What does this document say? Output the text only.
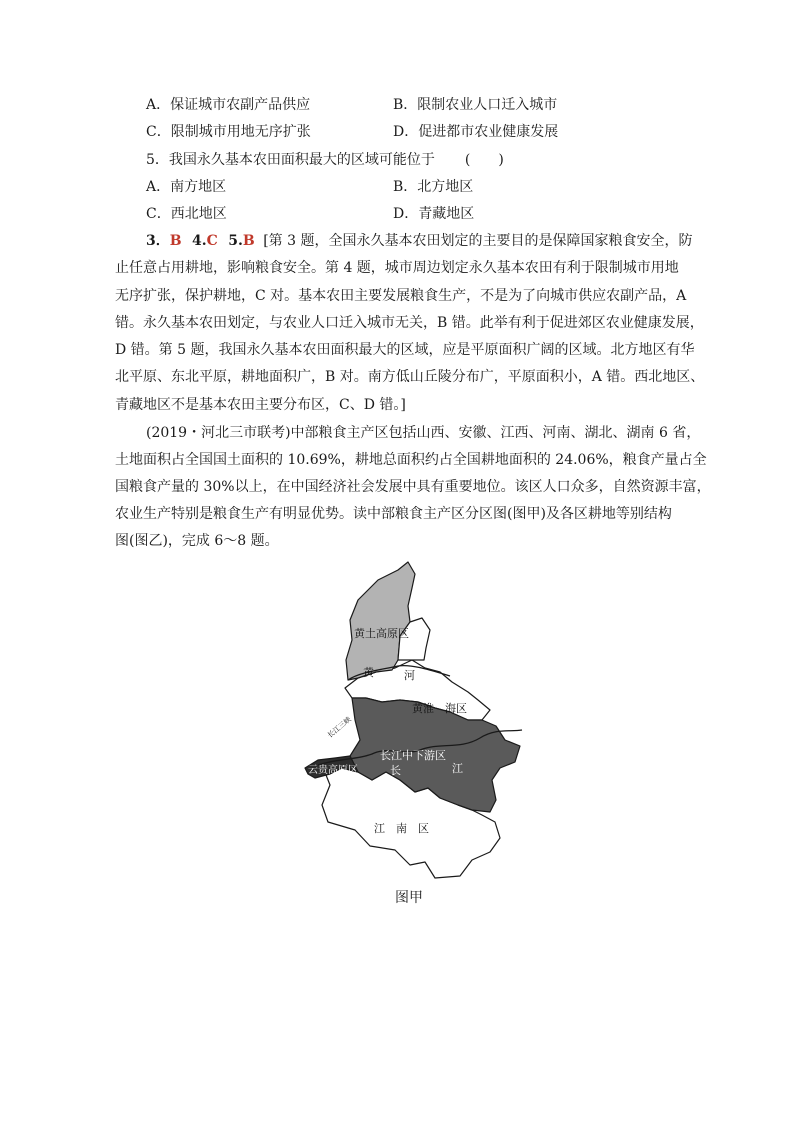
A．保证城市农副产品供应	B．限制农业人口迁入城市
C．限制城市用地无序扩张	D．促进都市农业健康发展
5．我国永久基本农田面积最大的区域可能位于 (　　)
A．南方地区	B．北方地区
C．西北地区	D．青藏地区
3．B 4.C 5.B [第 3 题，全国永久基本农田划定的主要目的是保障国家粮食安全，防
止任意占用耕地，影响粮食安全。第 4 题，城市周边划定永久基本农田有利于限制城市用地
无序扩张，保护耕地，C 对。基本农田主要发展粮食生产，不是为了向城市供应农副产品，A
错。永久基本农田划定，与农业人口迁入城市无关，B 错。此举有利于促进郊区农业健康发展，
D 错。第 5 题，我国永久基本农田面积最大的区域，应是平原面积广阔的区域。北方地区有华
北平原、东北平原，耕地面积广，B 对。南方低山丘陵分布广，平原面积小，A 错。西北地区、
青藏地区不是基本农田主要分布区，C、D 错。]
(2019・河北三市联考)中部粮食主产区包括山西、安徽、江西、河南、湖北、湖南 6 省，
土地面积占全国国土面积的 10.69%，耕地总面积约占全国耕地面积的 24.06%，粮食产量占全
国粮食产量的 30%以上，在中国经济社会发展中具有重要地位。该区人口众多，自然资源丰富，
农业生产特别是粮食生产有明显优势。读中部粮食主产区分区图(图甲)及各区耕地等别结构
图(图乙)，完成 6～8 题。
黄土高原区
黄	河
黄淮　海区
长江中下游区
长	江
长江三峡
云贵高原区
江　南　区
图甲
